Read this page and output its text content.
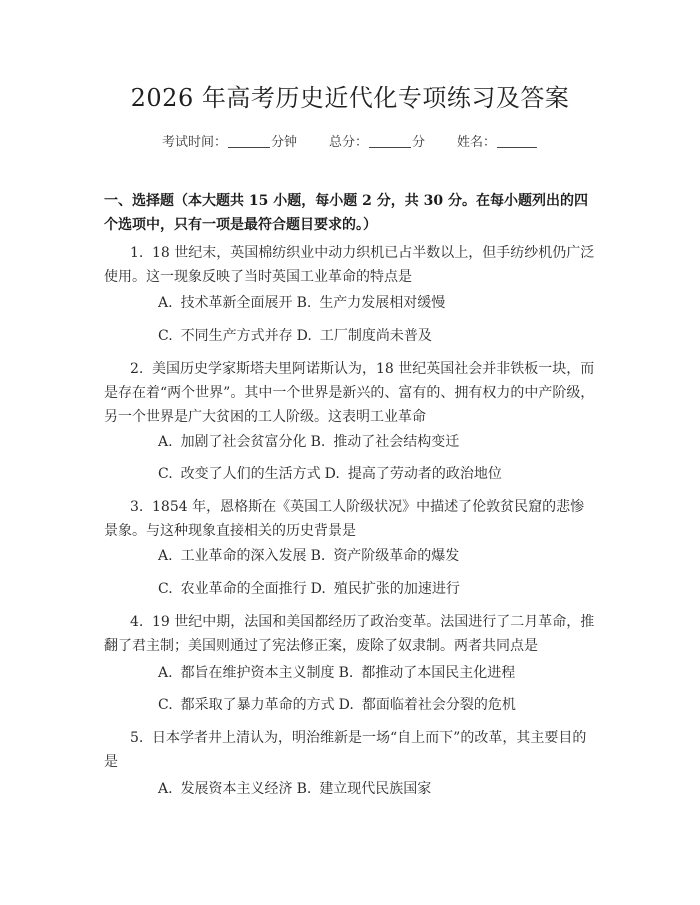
2026 年高考历史近代化专项练习及答案
考试时间：	分钟 总分：	分 姓名：
一、选择题（本大题共 15 小题，每小题 2 分，共 30 分。在每小题列出的四个选项中，只有一项是最符合题目要求的。）
1. 18 世纪末，英国棉纺织业中动力织机已占半数以上，但手纺纱机仍广泛使用。这一现象反映了当时英国工业革命的特点是
A. 技术革新全面展开 B. 生产力发展相对缓慢
C. 不同生产方式并存 D. 工厂制度尚未普及
2. 美国历史学家斯塔夫里阿诺斯认为，18 世纪英国社会并非铁板一块，而是存在着“两个世界”。其中一个世界是新兴的、富有的、拥有权力的中产阶级，另一个世界是广大贫困的工人阶级。这表明工业革命
A. 加剧了社会贫富分化 B. 推动了社会结构变迁
C. 改变了人们的生活方式 D. 提高了劳动者的政治地位
3. 1854 年，恩格斯在《英国工人阶级状况》中描述了伦敦贫民窟的悲惨景象。与这种现象直接相关的历史背景是
A. 工业革命的深入发展 B. 资产阶级革命的爆发
C. 农业革命的全面推行 D. 殖民扩张的加速进行
4. 19 世纪中期，法国和美国都经历了政治变革。法国进行了二月革命，推翻了君主制；美国则通过了宪法修正案，废除了奴隶制。两者共同点是
A. 都旨在维护资本主义制度 B. 都推动了本国民主化进程
C. 都采取了暴力革命的方式 D. 都面临着社会分裂的危机
5. 日本学者井上清认为，明治维新是一场“自上而下”的改革，其主要目的是
A. 发展资本主义经济 B. 建立现代民族国家
